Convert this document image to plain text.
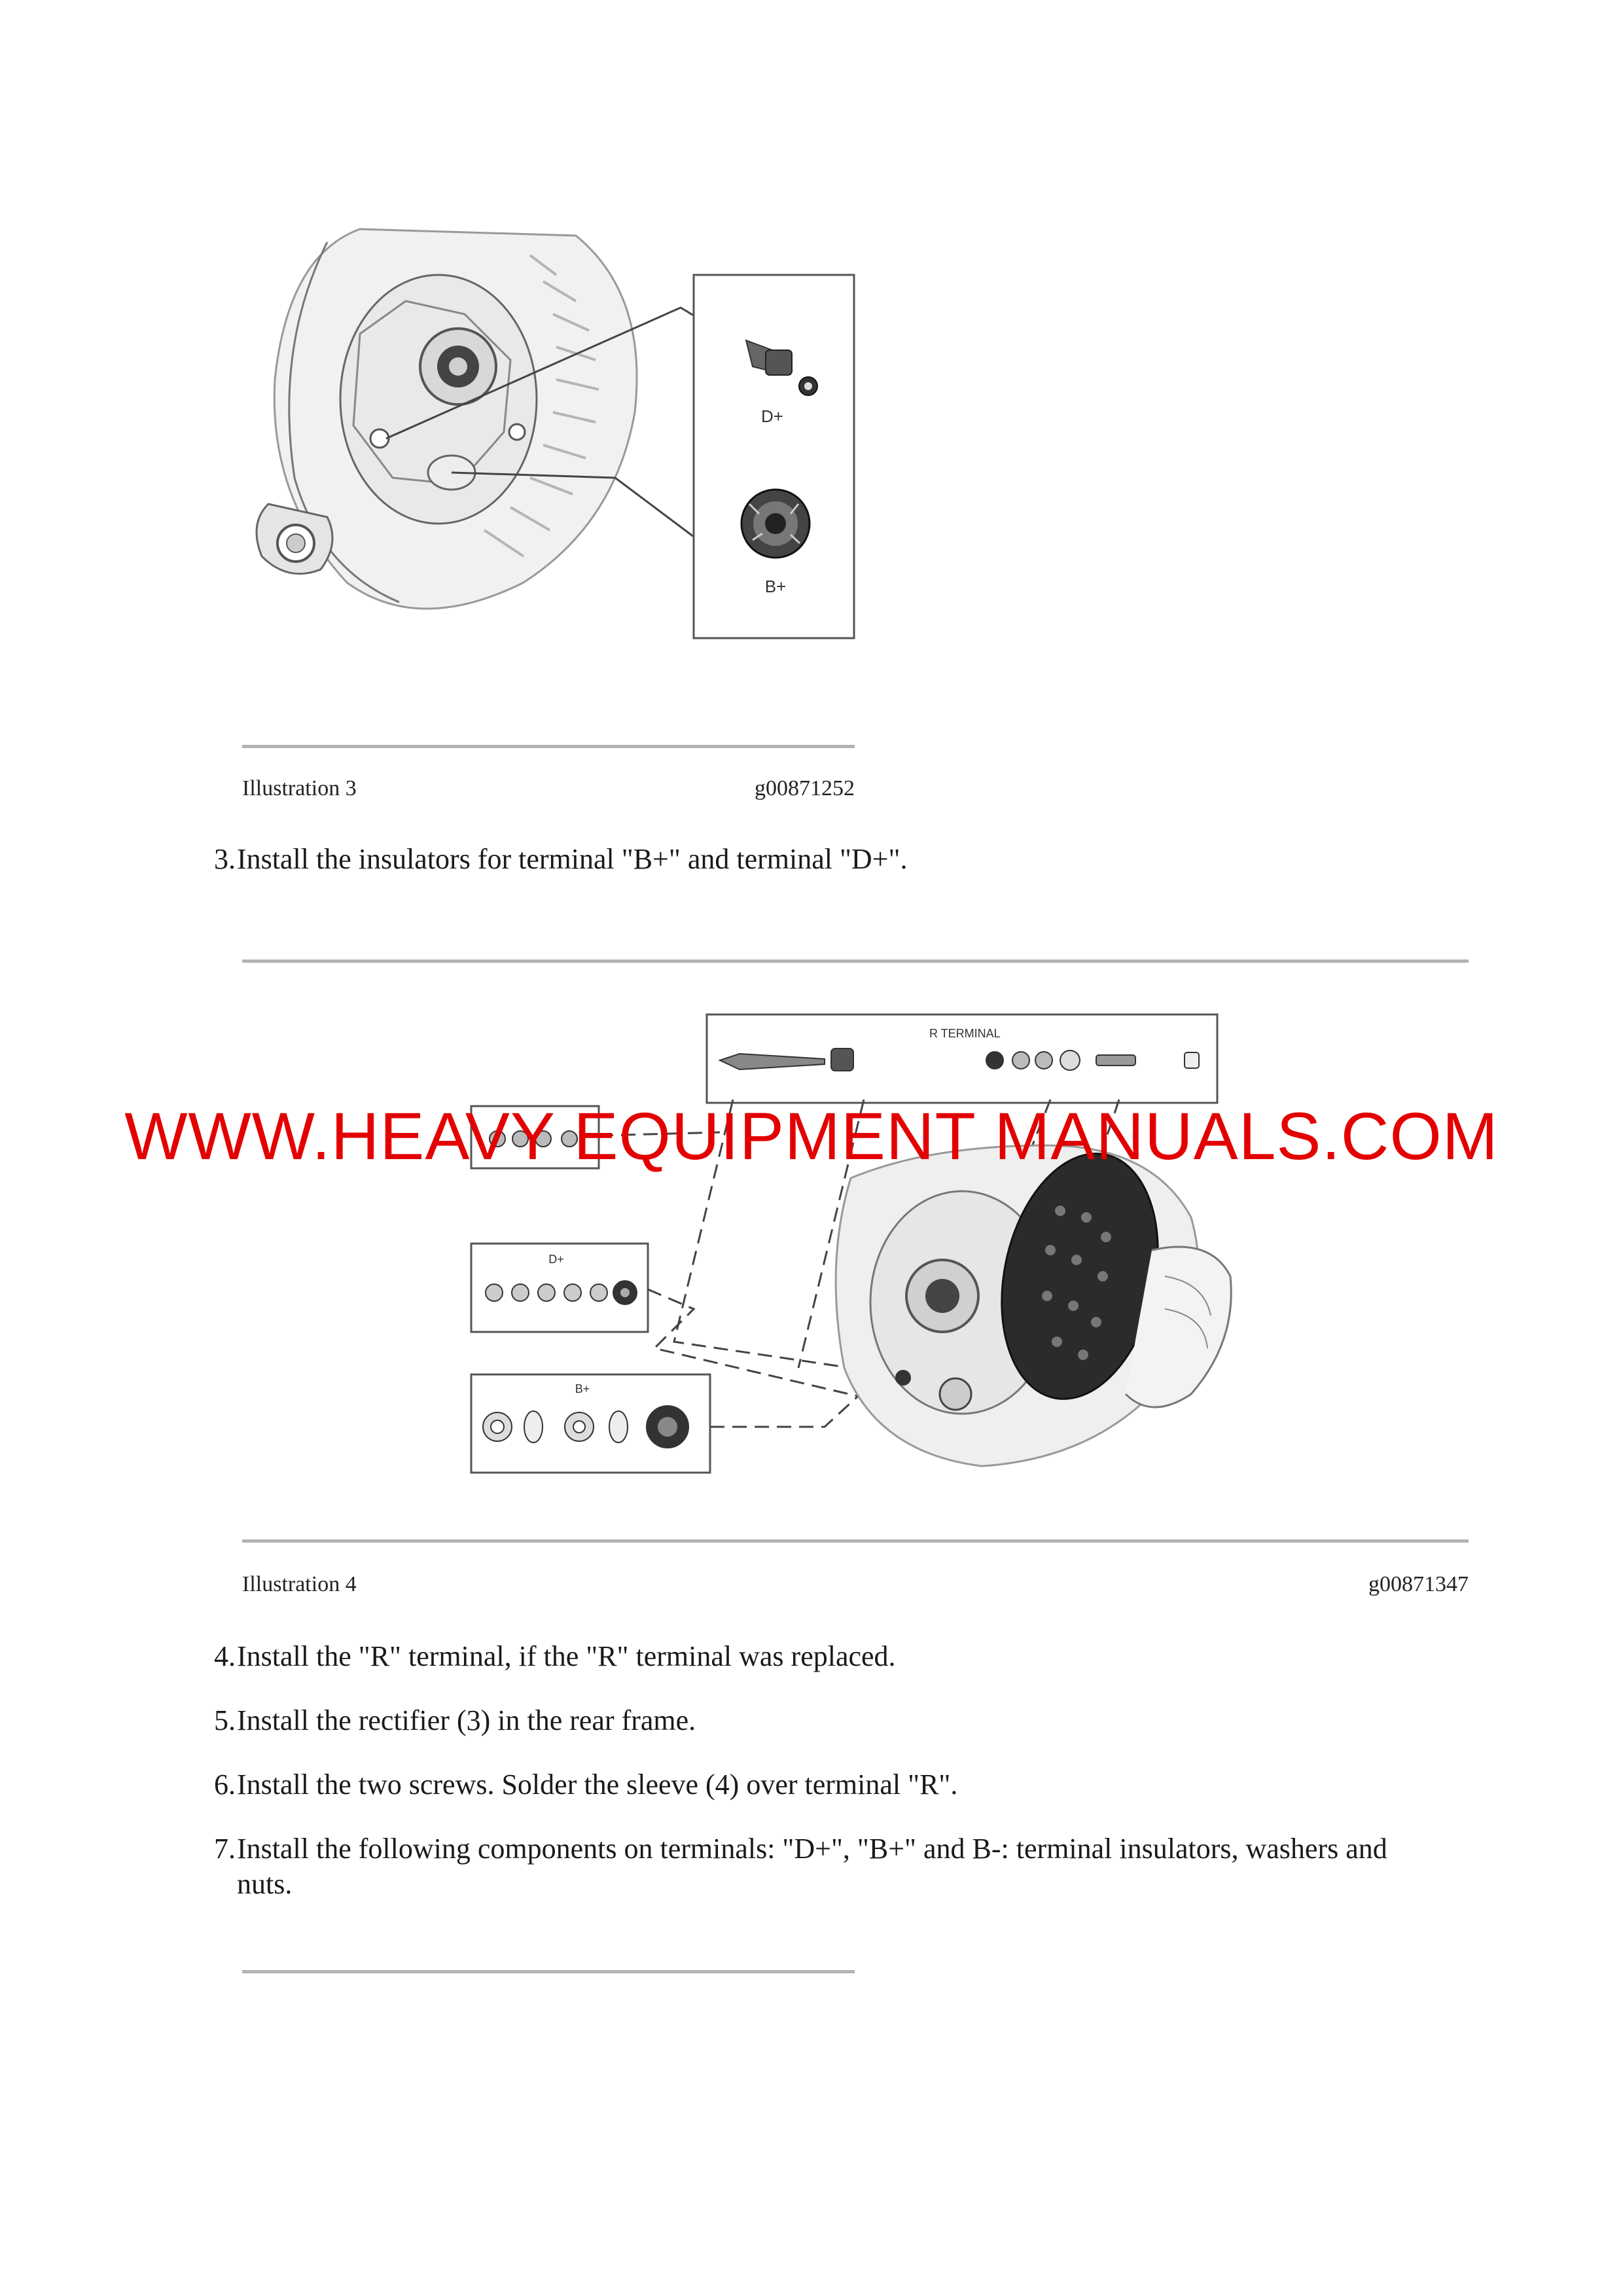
D+
B+
Illustration 3	g00871252
3. Install the insulators for terminal "B+" and terminal "D+".
R TERMINAL
D+
B+
WWW.HEAVY EQUIPMENT MANUALS.COM
Illustration 4	g00871347
4. Install the "R" terminal, if the "R" terminal was replaced.
5. Install the rectifier (3) in the rear frame.
6. Install the two screws. Solder the sleeve (4) over terminal "R".
7. Install the following components on terminals: "D+", "B+" and B-: terminal insulators, washers and
nuts.
